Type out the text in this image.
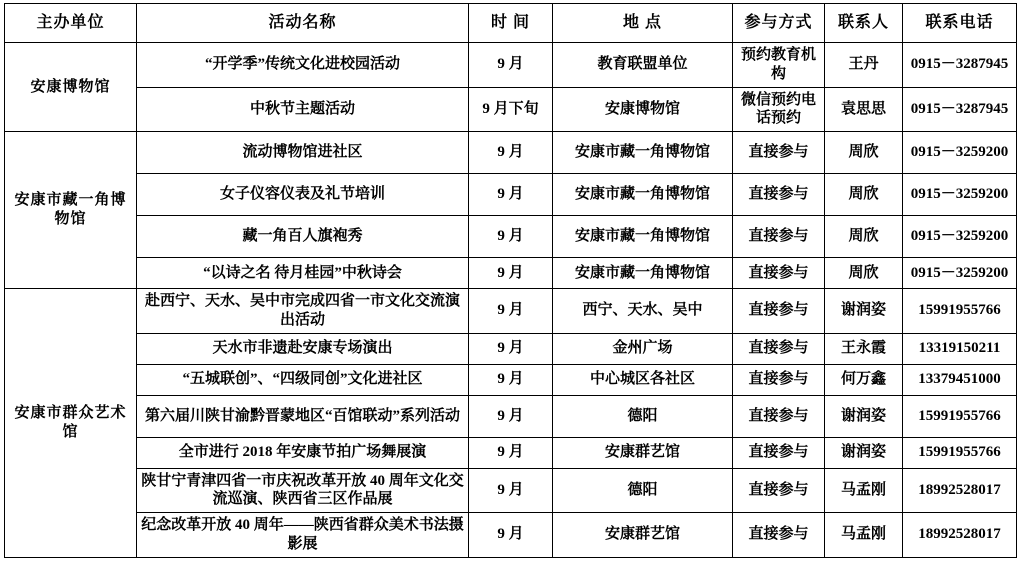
主办单位	活动名称	时 间	地 点	参与方式	联系人	联系电话
安康博物馆	“开学季”传统文化进校园活动	9 月	教育联盟单位	预约教育机构	王丹	0915－3287945
	中秋节主题活动	9 月下旬	安康博物馆	微信预约电话预约	袁思思	0915－3287945
安康市藏一角博物馆	流动博物馆进社区	9 月	安康市藏一角博物馆	直接参与	周欣	0915－3259200
	女子仪容仪表及礼节培训	9 月	安康市藏一角博物馆	直接参与	周欣	0915－3259200
	藏一角百人旗袍秀	9 月	安康市藏一角博物馆	直接参与	周欣	0915－3259200
	“以诗之名 待月桂园”中秋诗会	9 月	安康市藏一角博物馆	直接参与	周欣	0915－3259200
安康市群众艺术馆	赴西宁、天水、吴中市完成四省一市文化交流演出活动	9 月	西宁、天水、吴中	直接参与	谢润姿	15991955766
	天水市非遗赴安康专场演出	9 月	金州广场	直接参与	王永霞	13319150211
	“五城联创”、“四级同创”文化进社区	9 月	中心城区各社区	直接参与	何万鑫	13379451000
	第六届川陕甘渝黔晋蒙地区“百馆联动”系列活动	9 月	德阳	直接参与	谢润姿	15991955766
	全市进行 2018 年安康节拍广场舞展演	9 月	安康群艺馆	直接参与	谢润姿	15991955766
	陕甘宁青津四省一市庆祝改革开放 40 周年文化交流巡演、陕西省三区作品展	9 月	德阳	直接参与	马孟刚	18992528017
	纪念改革开放 40 周年——陕西省群众美术书法摄影展	9 月	安康群艺馆	直接参与	马孟刚	18992528017
